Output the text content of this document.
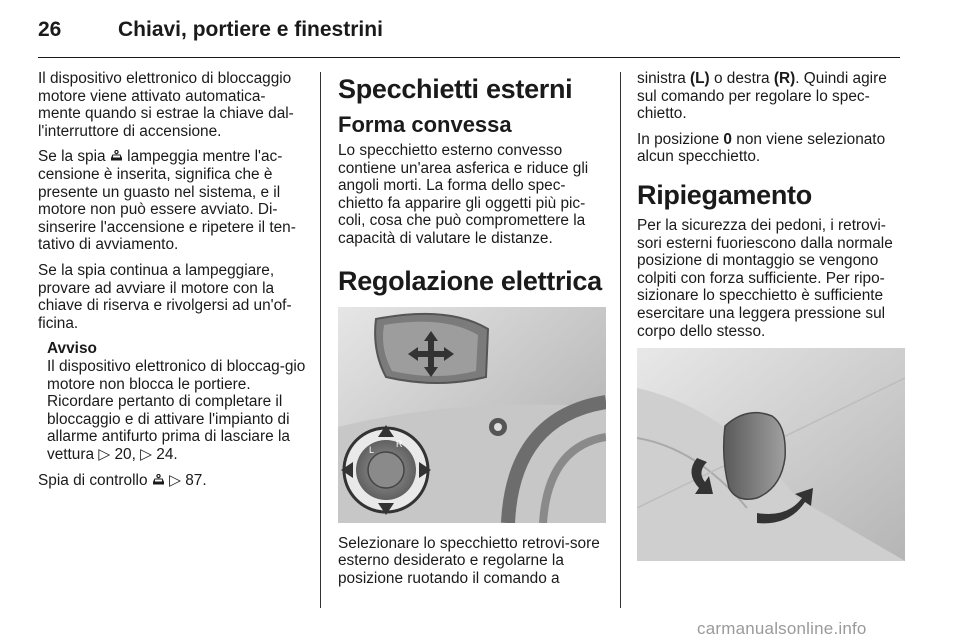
26	Chiavi, portiere e finestrini

Il dispositivo elettronico di bloccaggio motore viene attivato automatica-mente quando si estrae la chiave dal-l'interruttore di accensione.

Se la spia  lampeggia mentre l'ac-censione è inserita, significa che è presente un guasto nel sistema, e il motore non può essere avviato. Di-sinserire l'accensione e ripetere il ten-tativo di avviamento.

Se la spia continua a lampeggiare, provare ad avviare il motore con la chiave di riserva e rivolgersi ad un'of-ficina.

Avviso
Il dispositivo elettronico di bloccag-gio motore non blocca le portiere. Ricordare pertanto di completare il bloccaggio e di attivare l'impianto di allarme antifurto prima di lasciare la vettura ▷ 20, ▷ 24.

Spia di controllo  ▷ 87.

Specchietti esterni
Forma convessa

Lo specchietto esterno convesso contiene un'area asferica e riduce gli angoli morti. La forma dello spec-chietto fa apparire gli oggetti più pic-coli, cosa che può compromettere la capacità di valutare le distanze.

Regolazione elettrica
L
R

Selezionare lo specchietto retrovi-sore esterno desiderato e regolarne la posizione ruotando il comando a

sinistra (L) o destra (R). Quindi agire sul comando per regolare lo spec-chietto.

In posizione 0 non viene selezionato alcun specchietto.

Ripiegamento

Per la sicurezza dei pedoni, i retrovi-sori esterni fuoriescono dalla normale posizione di montaggio se vengono colpiti con forza sufficiente. Per ripo-sizionare lo specchietto è sufficiente esercitare una leggera pressione sul corpo dello stesso.

carmanualsonline.info
